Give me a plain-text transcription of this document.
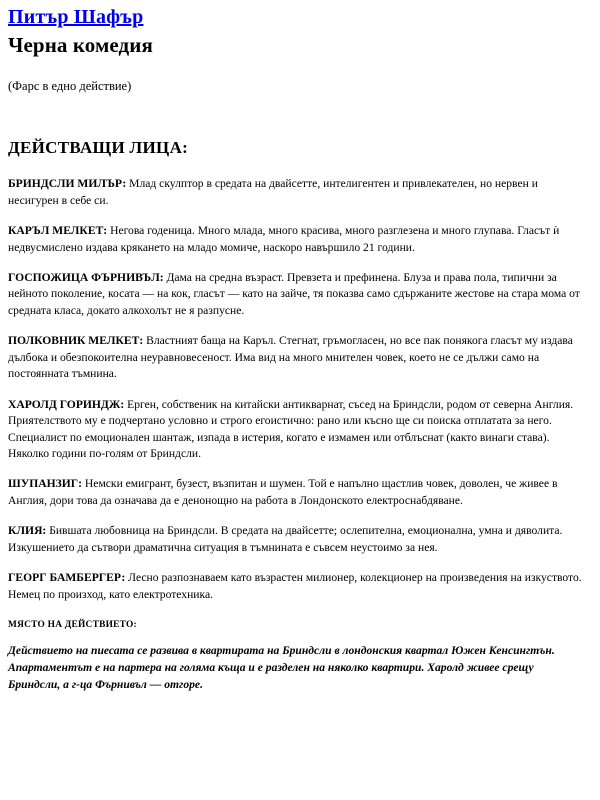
Питър Шафър
Черна комедия

(Фарс в едно действие)

ДЕЙСТВАЩИ ЛИЦА:

БРИНДСЛИ МИЛЪР: Млад скулптор в средата на двайсетте, интелигентен и привлекателен, но нервен и несигурен в себе си.

КАРЪЛ МЕЛКЕТ: Негова годеница. Много млада, много красива, много разглезена и много глупава. Гласът ѝ недвусмислено издава крякането на младо момиче, наскоро навършило 21 години.

ГОСПОЖИЦА ФЪРНИВЪЛ: Дама на средна възраст. Превзета и префинена. Блуза и права пола, типични за нейното поколение, косата — на кок, гласът — като на зайче, тя показва само сдържаните жестове на стара мома от средната класа, докато алкохолът не я разпусне.

ПОЛКОВНИК МЕЛКЕТ: Властният баща на Каръл. Стегнат, гръмогласен, но все пак понякога гласът му издава дълбока и обезпокоителна неуравновесеност. Има вид на много мнителен човек, което не се дължи само на постоянната тъмнина.

ХАРОЛД ГОРИНДЖ: Ерген, собственик на китайски антикварнат, съсед на Бриндсли, родом от северна Англия. Приятелството му е подчертано условно и строго егоистично: рано или късно ще си поиска отплатата за него. Специалист по емоционален шантаж, изпада в истерия, когато е измамен или отблъснат (както винаги става). Няколко години по-голям от Бриндсли.

ШУПАНЗИГ: Немски емигрант, бузест, възпитан и шумен. Той е напълно щастлив човек, доволен, че живее в Англия, дори това да означава да е денонощно на работа в Лондонското електроснабдяване.

КЛИЯ: Бившата любовница на Бриндсли. В средата на двайсетте; ослепителна, емоционална, умна и дяволита. Изкушението да сътвори драматична ситуация в тъмнината е съвсем неустоимо за нея.

ГЕОРГ БАМБЕРГЕР: Лесно разпознаваем като възрастен милионер, колекционер на произведения на изкуството. Немец по произход, като електротехника.

МЯСТО НА ДЕЙСТВИЕТО:

Действието на пиесата се развива в квартирата на Бриндсли в лондонския квартал Южен Кенсингтън. Апартаментът е на партера на голяма къща и е разделен на няколко квартири. Харолд живее срещу Бриндсли, а г-ца Фърнивъл — отгоре.
